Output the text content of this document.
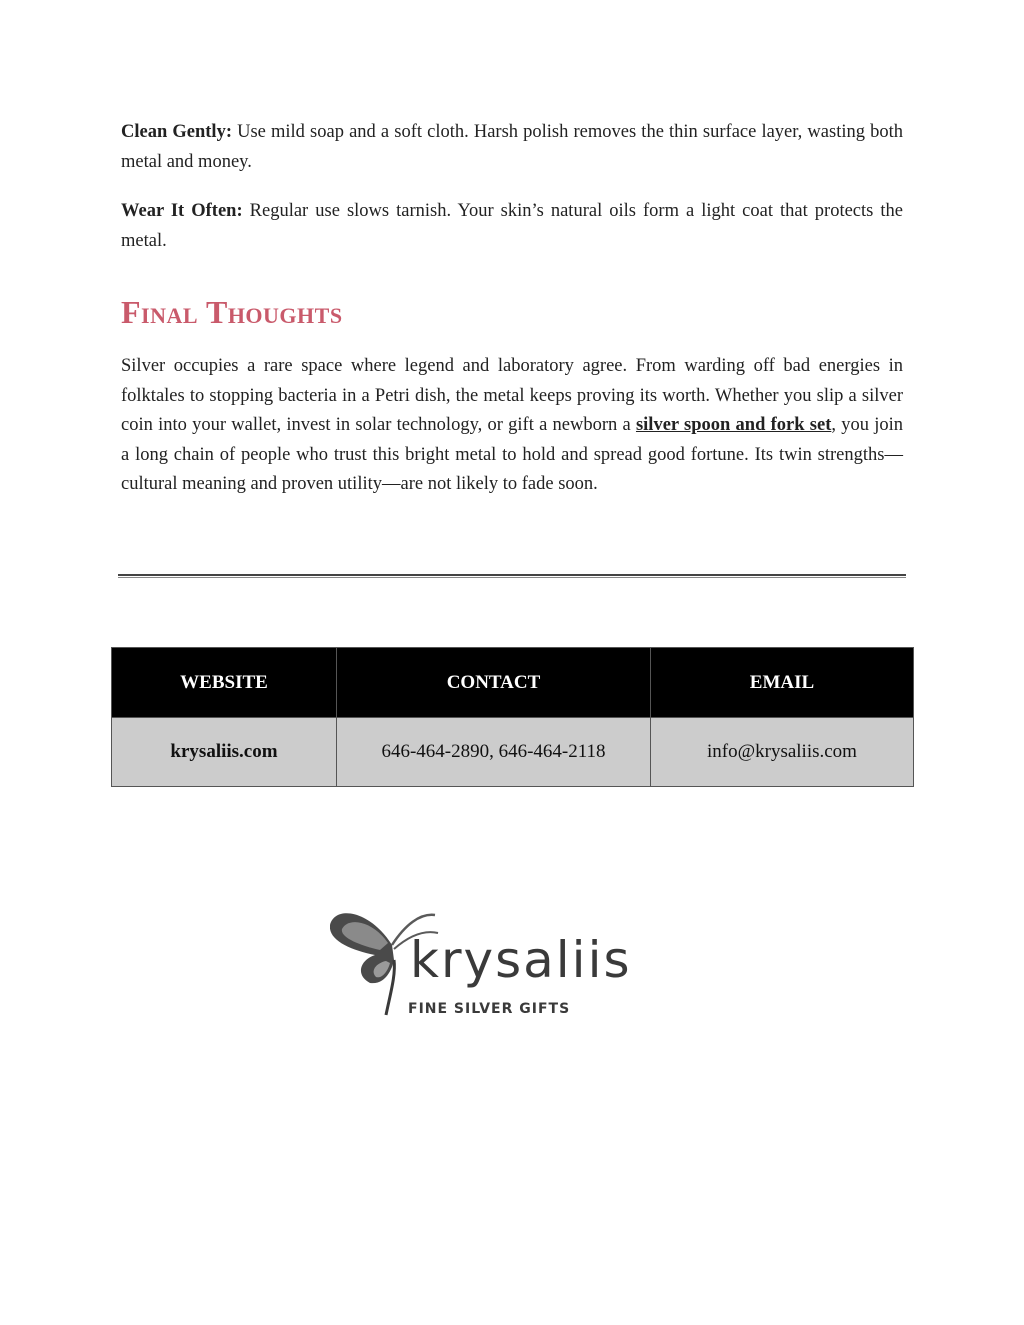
Clean Gently: Use mild soap and a soft cloth. Harsh polish removes the thin surface layer, wasting both metal and money.

Wear It Often: Regular use slows tarnish. Your skin’s natural oils form a light coat that protects the metal.

Final Thoughts

Silver occupies a rare space where legend and laboratory agree. From warding off bad energies in folktales to stopping bacteria in a Petri dish, the metal keeps proving its worth. Whether you slip a silver coin into your wallet, invest in solar technology, or gift a newborn a silver spoon and fork set, you join a long chain of people who trust this bright metal to hold and spread good fortune. Its twin strengths—cultural meaning and proven utility—are not likely to fade soon.

WEBSITE	CONTACT	EMAIL
krysaliis.com	646-464-2890, 646-464-2118	info@krysaliis.com
krysaliis
FINE SILVER GIFTS
